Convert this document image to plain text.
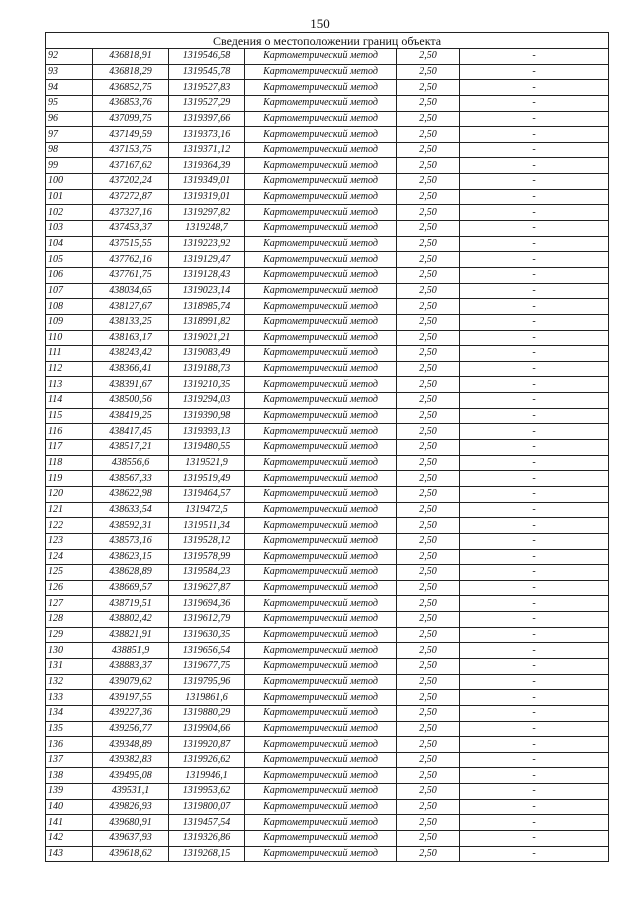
150
Сведения о местоположении границ объекта					
92	436818,91	1319546,58	Картометрический метод	2,50	-
93	436818,29	1319545,78	Картометрический метод	2,50	-
94	436852,75	1319527,83	Картометрический метод	2,50	-
95	436853,76	1319527,29	Картометрический метод	2,50	-
96	437099,75	1319397,66	Картометрический метод	2,50	-
97	437149,59	1319373,16	Картометрический метод	2,50	-
98	437153,75	1319371,12	Картометрический метод	2,50	-
99	437167,62	1319364,39	Картометрический метод	2,50	-
100	437202,24	1319349,01	Картометрический метод	2,50	-
101	437272,87	1319319,01	Картометрический метод	2,50	-
102	437327,16	1319297,82	Картометрический метод	2,50	-
103	437453,37	1319248,7	Картометрический метод	2,50	-
104	437515,55	1319223,92	Картометрический метод	2,50	-
105	437762,16	1319129,47	Картометрический метод	2,50	-
106	437761,75	1319128,43	Картометрический метод	2,50	-
107	438034,65	1319023,14	Картометрический метод	2,50	-
108	438127,67	1318985,74	Картометрический метод	2,50	-
109	438133,25	1318991,82	Картометрический метод	2,50	-
110	438163,17	1319021,21	Картометрический метод	2,50	-
111	438243,42	1319083,49	Картометрический метод	2,50	-
112	438366,41	1319188,73	Картометрический метод	2,50	-
113	438391,67	1319210,35	Картометрический метод	2,50	-
114	438500,56	1319294,03	Картометрический метод	2,50	-
115	438419,25	1319390,98	Картометрический метод	2,50	-
116	438417,45	1319393,13	Картометрический метод	2,50	-
117	438517,21	1319480,55	Картометрический метод	2,50	-
118	438556,6	1319521,9	Картометрический метод	2,50	-
119	438567,33	1319519,49	Картометрический метод	2,50	-
120	438622,98	1319464,57	Картометрический метод	2,50	-
121	438633,54	1319472,5	Картометрический метод	2,50	-
122	438592,31	1319511,34	Картометрический метод	2,50	-
123	438573,16	1319528,12	Картометрический метод	2,50	-
124	438623,15	1319578,99	Картометрический метод	2,50	-
125	438628,89	1319584,23	Картометрический метод	2,50	-
126	438669,57	1319627,87	Картометрический метод	2,50	-
127	438719,51	1319694,36	Картометрический метод	2,50	-
128	438802,42	1319612,79	Картометрический метод	2,50	-
129	438821,91	1319630,35	Картометрический метод	2,50	-
130	438851,9	1319656,54	Картометрический метод	2,50	-
131	438883,37	1319677,75	Картометрический метод	2,50	-
132	439079,62	1319795,96	Картометрический метод	2,50	-
133	439197,55	1319861,6	Картометрический метод	2,50	-
134	439227,36	1319880,29	Картометрический метод	2,50	-
135	439256,77	1319904,66	Картометрический метод	2,50	-
136	439348,89	1319920,87	Картометрический метод	2,50	-
137	439382,83	1319926,62	Картометрический метод	2,50	-
138	439495,08	1319946,1	Картометрический метод	2,50	-
139	439531,1	1319953,62	Картометрический метод	2,50	-
140	439826,93	1319800,07	Картометрический метод	2,50	-
141	439680,91	1319457,54	Картометрический метод	2,50	-
142	439637,93	1319326,86	Картометрический метод	2,50	-
143	439618,62	1319268,15	Картометрический метод	2,50	-
